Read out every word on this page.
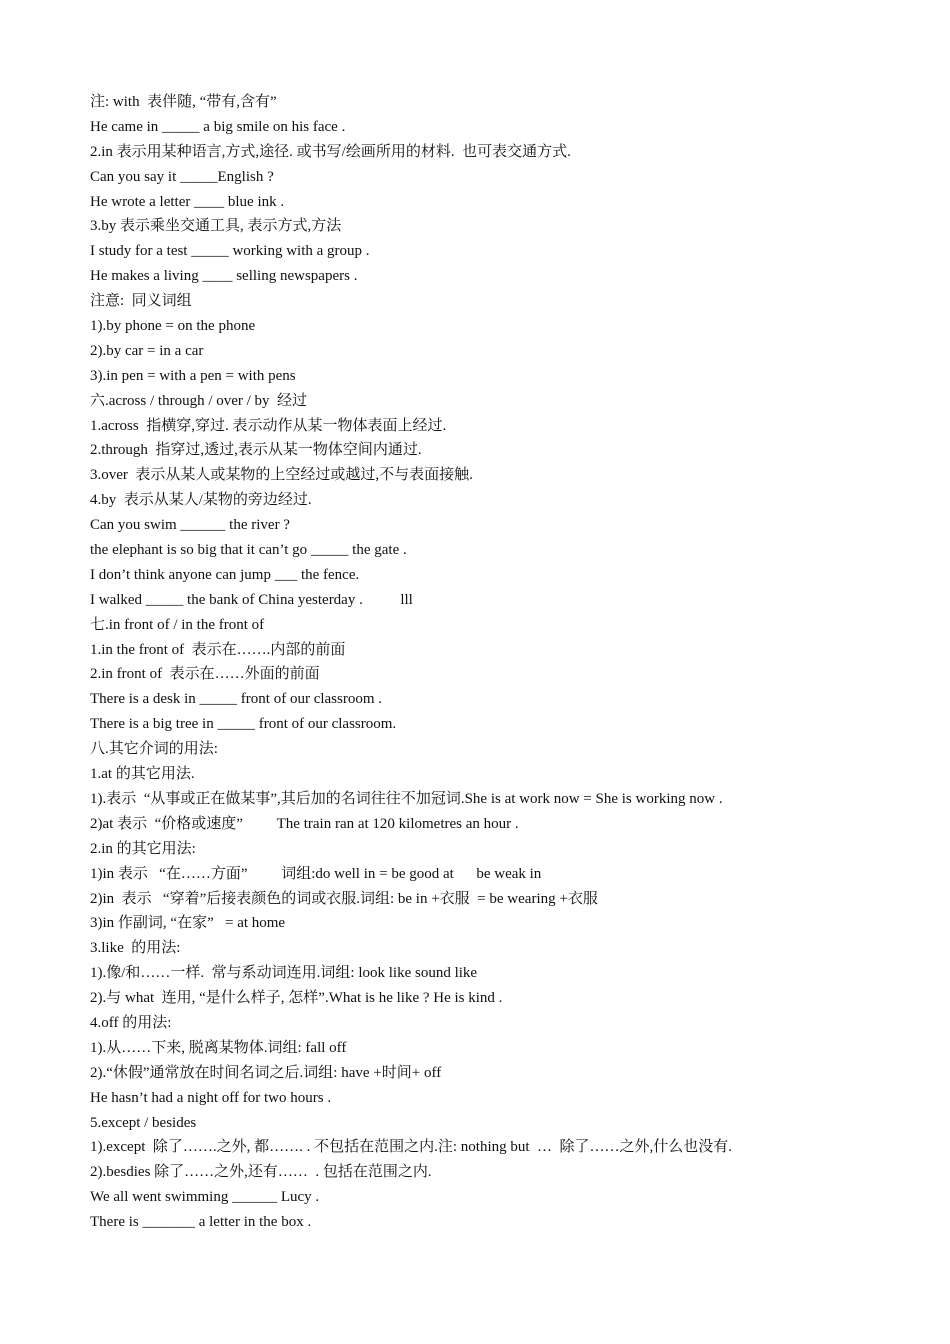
注: with  表伴随, “带有,含有”
He came in _____ a big smile on his face .
2.in 表示用某种语言,方式,途径. 或书写/绘画所用的材料.  也可表交通方式.
Can you say it _____English ?
He wrote a letter ____ blue ink .
3.by 表示乘坐交通工具, 表示方式,方法
I study for a test _____ working with a group .
He makes a living ____ selling newspapers .
注意:  同义词组
1).by phone = on the phone
2).by car = in a car
3).in pen = with a pen = with pens
六.across / through / over / by  经过
1.across  指横穿,穿过. 表示动作从某一物体表面上经过.
2.through  指穿过,透过,表示从某一物体空间内通过.
3.over  表示从某人或某物的上空经过或越过,不与表面接触.
4.by  表示从某人/某物的旁边经过.
Can you swim ______ the river ?
the elephant is so big that it can’t go _____ the gate .
I don’t think anyone can jump ___ the fence.
I walked _____ the bank of China yesterday .          lll
七.in front of / in the front of
1.in the front of  表示在…….内部的前面
2.in front of  表示在……外面的前面
There is a desk in _____ front of our classroom .
There is a big tree in _____ front of our classroom.
八.其它介词的用法:
1.at 的其它用法.
1).表示  “从事或正在做某事”,其后加的名词往往不加冠词.She is at work now = She is working now .
2)at 表示  “价格或速度”         The train ran at 120 kilometres an hour .
2.in 的其它用法:
1)in 表示   “在……方面”         词组:do well in = be good at      be weak in
2)in  表示   “穿着”后接表颜色的词或衣服.词组: be in +衣服  = be wearing +衣服
3)in 作副词, “在家”   = at home
3.like  的用法:
1).像/和……一样.  常与系动词连用.词组: look like sound like
2).与 what  连用, “是什么样子, 怎样”.What is he like ? He is kind .
4.off 的用法:
1).从……下来, 脱离某物体.词组: fall off
2).“休假”通常放在时间名词之后.词组: have +时间+ off
He hasn’t had a night off for two hours .
5.except / besides
1).except  除了…….之外, 都……. . 不包括在范围之内.注: nothing but  …  除了……之外,什么也没有.
2).besdies 除了……之外,还有……  . 包括在范围之内.
We all went swimming ______ Lucy .
There is _______ a letter in the box .
